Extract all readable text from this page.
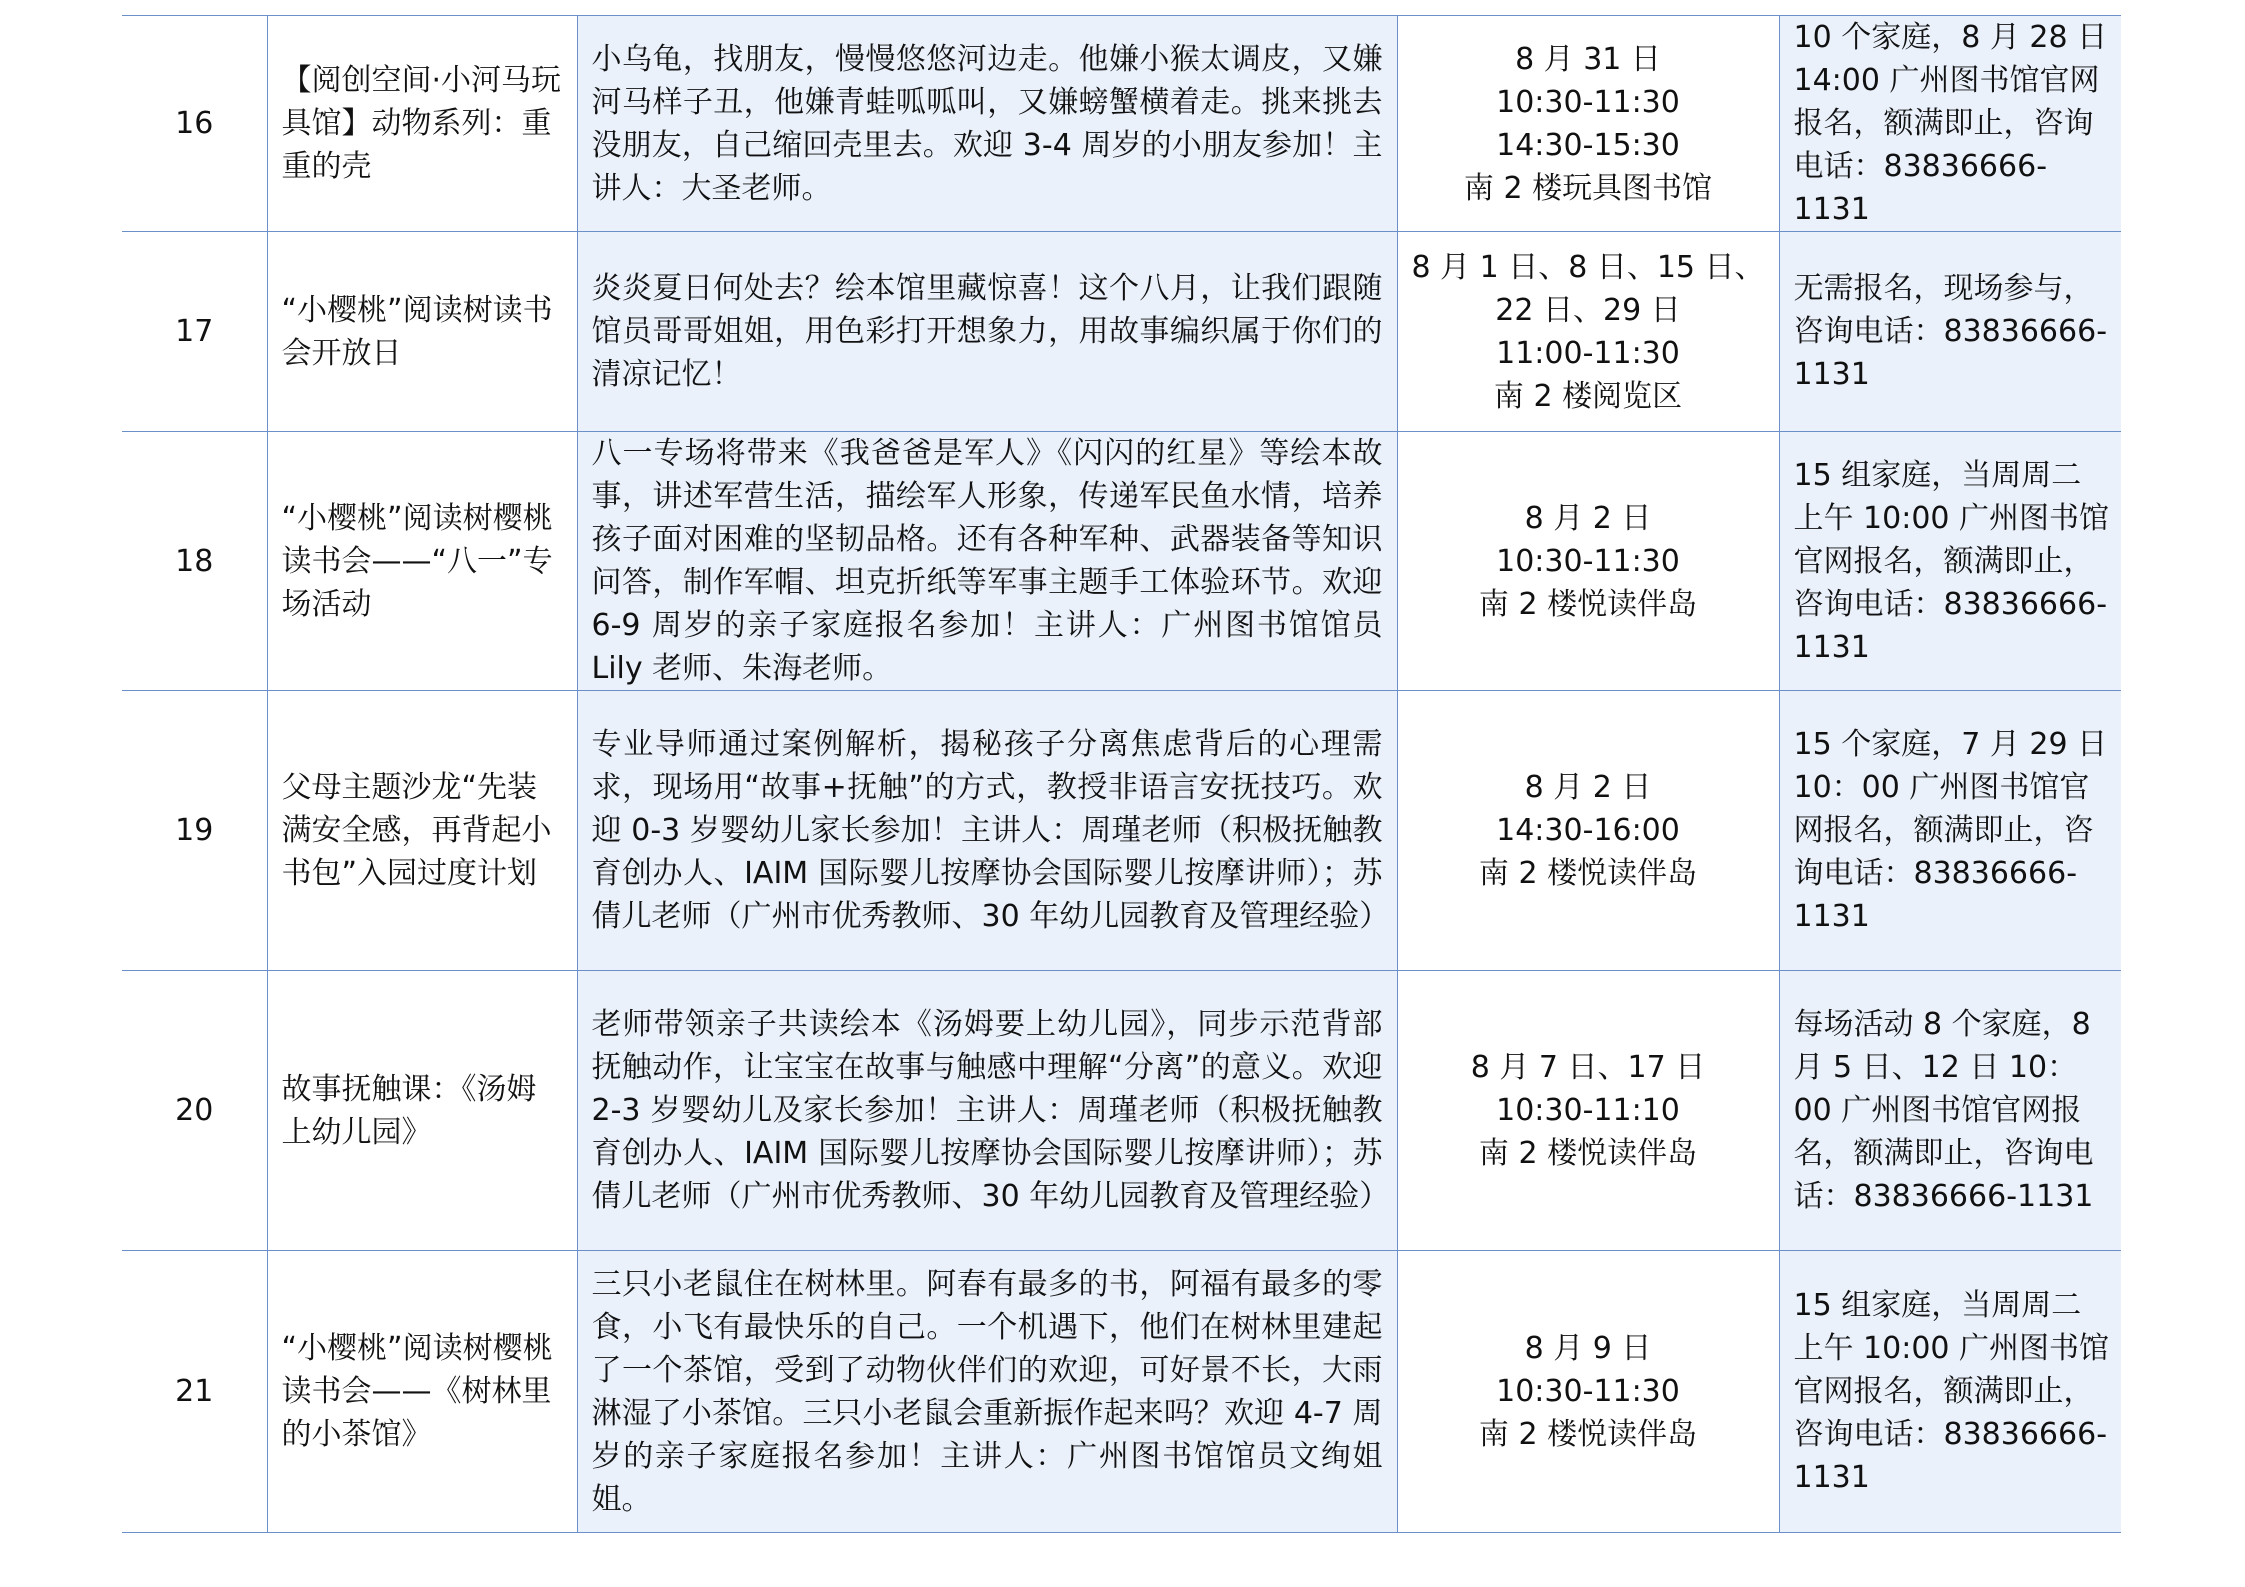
16	【阅创空间·小河马玩具馆】动物系列：重重的壳	小乌龟，找朋友，慢慢悠悠河边走。他嫌小猴太调皮，又嫌河马样子丑，他嫌青蛙呱呱叫，又嫌螃蟹横着走。挑来挑去没朋友，自己缩回壳里去。欢迎 3-4 周岁的小朋友参加！主讲人：大圣老师。	8 月 31 日
10:30-11:30
14:30-15:30
南 2 楼玩具图书馆	10 个家庭，8 月 28 日 14:00 广州图书馆官网报名，额满即止，咨询电话：83836666-1131
17	“小樱桃”阅读树读书会开放日	炎炎夏日何处去？绘本馆里藏惊喜！这个八月，让我们跟随馆员哥哥姐姐，用色彩打开想象力，用故事编织属于你们的清凉记忆！	8 月 1 日、8 日、15 日、
22 日、29 日
11:00-11:30
南 2 楼阅览区	无需报名，现场参与，咨询电话：83836666-1131
18	“小樱桃”阅读树樱桃读书会——“八一”专场活动	八一专场将带来《我爸爸是军人》《闪闪的红星》等绘本故事，讲述军营生活，描绘军人形象，传递军民鱼水情，培养孩子面对困难的坚韧品格。还有各种军种、武器装备等知识问答，制作军帽、坦克折纸等军事主题手工体验环节。欢迎 6-9 周岁的亲子家庭报名参加！主讲人：广州图书馆馆员 Lily 老师、朱海老师。	8 月 2 日
10:30-11:30
南 2 楼悦读伴岛	15 组家庭，当周周二上午 10:00 广州图书馆官网报名，额满即止，咨询电话：83836666-1131
19	父母主题沙龙“先装满安全感，再背起小书包”入园过度计划	专业导师通过案例解析，揭秘孩子分离焦虑背后的心理需求，现场用“故事+抚触”的方式，教授非语言安抚技巧。欢迎 0-3 岁婴幼儿家长参加！主讲人：周瑾老师（积极抚触教育创办人、IAIM 国际婴儿按摩协会国际婴儿按摩讲师）；苏倩儿老师（广州市优秀教师、30 年幼儿园教育及管理经验）	8 月 2 日
14:30-16:00
南 2 楼悦读伴岛	15 个家庭，7 月 29 日 10：00 广州图书馆官网报名，额满即止，咨询电话：83836666-1131
20	故事抚触课：《汤姆上幼儿园》	老师带领亲子共读绘本《汤姆要上幼儿园》，同步示范背部抚触动作，让宝宝在故事与触感中理解“分离”的意义。欢迎 2-3 岁婴幼儿及家长参加！主讲人：周瑾老师（积极抚触教育创办人、IAIM 国际婴儿按摩协会国际婴儿按摩讲师）；苏倩儿老师（广州市优秀教师、30 年幼儿园教育及管理经验）	8 月 7 日、17 日
10:30-11:10
南 2 楼悦读伴岛	每场活动 8 个家庭，8 月 5 日、12 日 10：00 广州图书馆官网报名，额满即止，咨询电话：83836666-1131
21	“小樱桃”阅读树樱桃读书会——《树林里的小茶馆》	三只小老鼠住在树林里。阿春有最多的书，阿福有最多的零食，小飞有最快乐的自己。一个机遇下，他们在树林里建起了一个茶馆，受到了动物伙伴们的欢迎，可好景不长，大雨淋湿了小茶馆。三只小老鼠会重新振作起来吗？欢迎 4-7 周岁的亲子家庭报名参加！主讲人：广州图书馆馆员文绚姐姐。	8 月 9 日
10:30-11:30
南 2 楼悦读伴岛	15 组家庭，当周周二上午 10:00 广州图书馆官网报名，额满即止，咨询电话：83836666-1131
